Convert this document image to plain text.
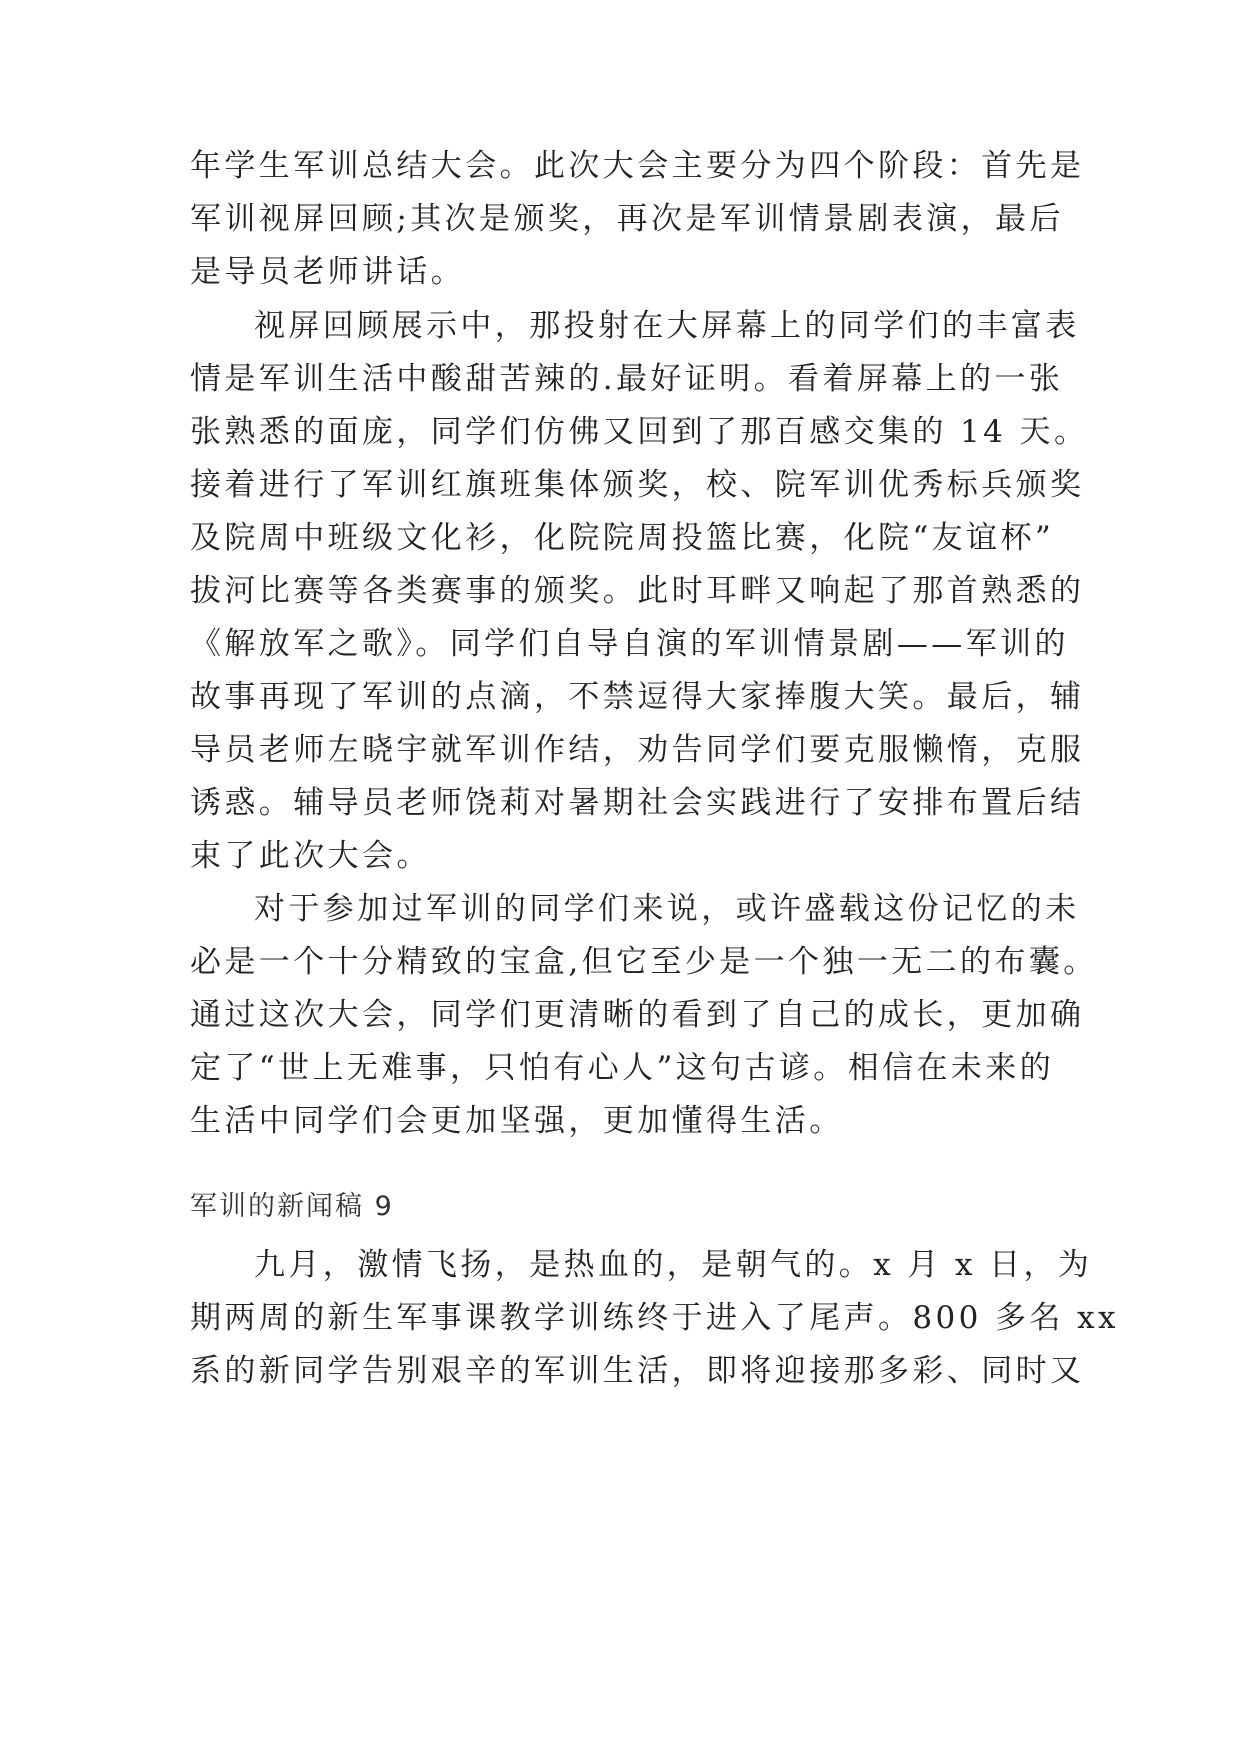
年学生军训总结大会。此次大会主要分为四个阶段：首先是
军训视屏回顾;其次是颁奖，再次是军训情景剧表演，最后
是导员老师讲话。
视屏回顾展示中，那投射在大屏幕上的同学们的丰富表
情是军训生活中酸甜苦辣的.最好证明。看着屏幕上的一张
张熟悉的面庞，同学们仿佛又回到了那百感交集的 14 天。
接着进行了军训红旗班集体颁奖，校、院军训优秀标兵颁奖
及院周中班级文化衫，化院院周投篮比赛，化院“友谊杯”
拔河比赛等各类赛事的颁奖。此时耳畔又响起了那首熟悉的
《解放军之歌》。同学们自导自演的军训情景剧——军训的
故事再现了军训的点滴，不禁逗得大家捧腹大笑。最后，辅
导员老师左晓宇就军训作结，劝告同学们要克服懒惰，克服
诱惑。辅导员老师饶莉对暑期社会实践进行了安排布置后结
束了此次大会。
对于参加过军训的同学们来说，或许盛载这份记忆的未
必是一个十分精致的宝盒,但它至少是一个独一无二的布囊。
通过这次大会，同学们更清晰的看到了自己的成长，更加确
定了“世上无难事，只怕有心人”这句古谚。相信在未来的
生活中同学们会更加坚强，更加懂得生活。
军训的新闻稿 9
九月，激情飞扬，是热血的，是朝气的。x 月 x 日，为
期两周的新生军事课教学训练终于进入了尾声。800 多名 xx
系的新同学告别艰辛的军训生活，即将迎接那多彩、同时又
